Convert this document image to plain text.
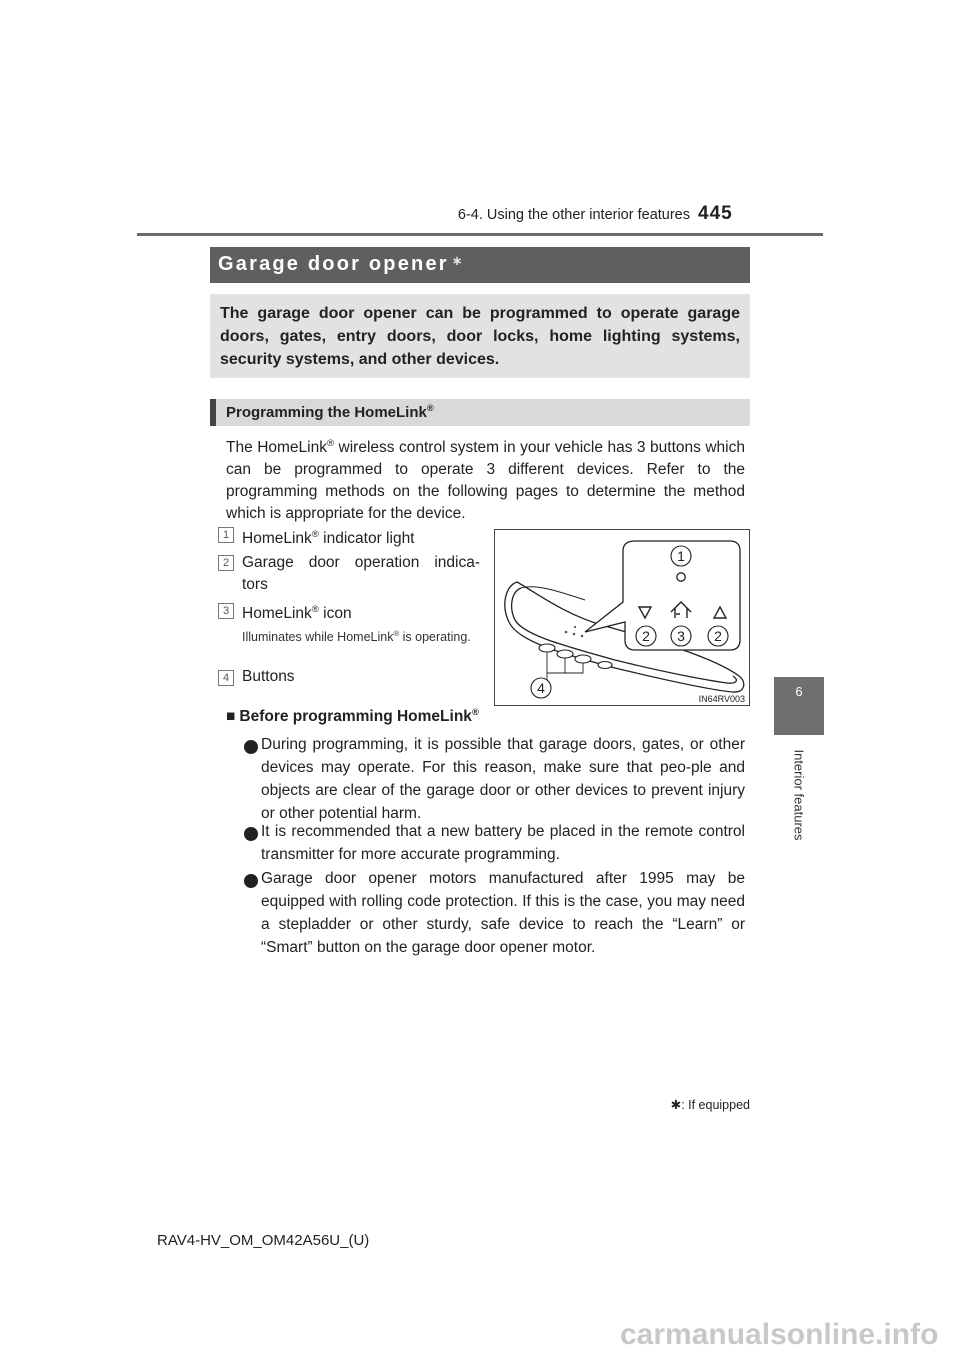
6-4. Using the other interior features 445
6
Interior features
Garage door opener ∗
The garage door opener can be programmed to operate garage doors, gates, entry doors, door locks, home lighting systems, security systems, and other devices.
Programming the HomeLink®
The HomeLink® wireless control system in your vehicle has 3 buttons which can be programmed to operate 3 different devices. Refer to the programming methods on the following pages to determine the method which is appropriate for the device.
1 HomeLink® indicator light
2 Garage door operation indica-
tors
3 HomeLink® icon
Illuminates while HomeLink® is operating.
4 Buttons
1
2 3 2
4
IN64RV003
■ Before programming HomeLink®
During programming, it is possible that garage doors, gates, or other devices may operate. For this reason, make sure that peo-ple and objects are clear of the garage door or other devices to prevent injury or other potential harm.
It is recommended that a new battery be placed in the remote control transmitter for more accurate programming.
Garage door opener motors manufactured after 1995 may be equipped with rolling code protection. If this is the case, you may need a stepladder or other sturdy, safe device to reach the “Learn” or “Smart” button on the garage door opener motor.
✱: If equipped
RAV4-HV_OM_OM42A56U_(U)
carmanualsonline.info
